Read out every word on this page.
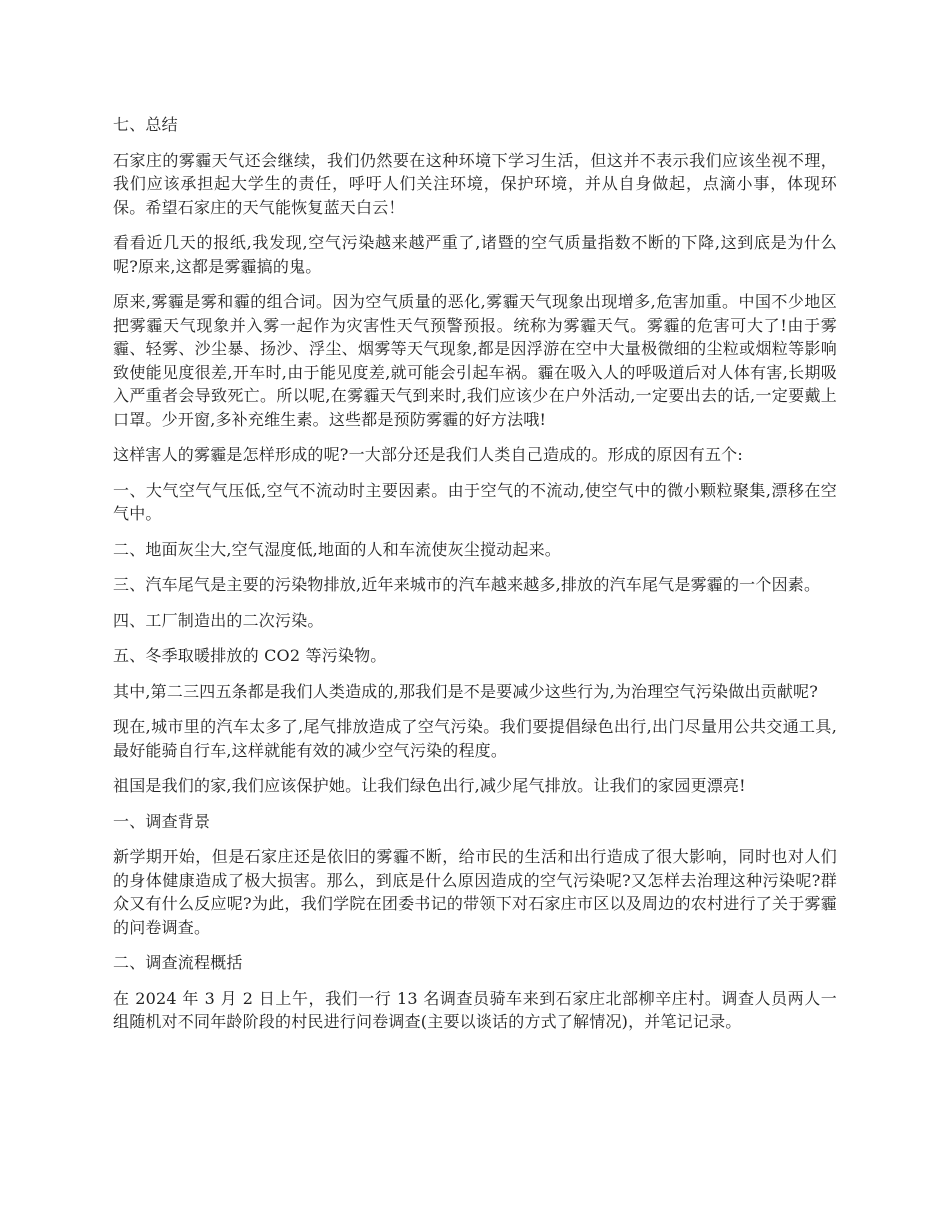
七、总结

石家庄的雾霾天气还会继续，我们仍然要在这种环境下学习生活，但这并不表示我们应该坐视不理，我们应该承担起大学生的责任，呼吁人们关注环境，保护环境，并从自身做起，点滴小事，体现环保。希望石家庄的天气能恢复蓝天白云！

看看近几天的报纸,我发现,空气污染越来越严重了,诸暨的空气质量指数不断的下降,这到底是为什么呢?原来,这都是雾霾搞的鬼。

原来,雾霾是雾和霾的组合词。因为空气质量的恶化,雾霾天气现象出现增多,危害加重。中国不少地区把雾霾天气现象并入雾一起作为灾害性天气预警预报。统称为雾霾天气。雾霾的危害可大了!由于雾霾、轻雾、沙尘暴、扬沙、浮尘、烟雾等天气现象,都是因浮游在空中大量极微细的尘粒或烟粒等影响致使能见度很差,开车时,由于能见度差,就可能会引起车祸。霾在吸入人的呼吸道后对人体有害,长期吸入严重者会导致死亡。所以呢,在雾霾天气到来时,我们应该少在户外活动,一定要出去的话,一定要戴上口罩。少开窗,多补充维生素。这些都是预防雾霾的好方法哦!

这样害人的雾霾是怎样形成的呢?一大部分还是我们人类自己造成的。形成的原因有五个:

一、大气空气气压低,空气不流动时主要因素。由于空气的不流动,使空气中的微小颗粒聚集,漂移在空气中。

二、地面灰尘大,空气湿度低,地面的人和车流使灰尘搅动起来。

三、汽车尾气是主要的污染物排放,近年来城市的汽车越来越多,排放的汽车尾气是雾霾的一个因素。

四、工厂制造出的二次污染。

五、冬季取暖排放的 CO2 等污染物。

其中,第二三四五条都是我们人类造成的,那我们是不是要减少这些行为,为治理空气污染做出贡献呢?

现在,城市里的汽车太多了,尾气排放造成了空气污染。我们要提倡绿色出行,出门尽量用公共交通工具,最好能骑自行车,这样就能有效的减少空气污染的程度。

祖国是我们的家,我们应该保护她。让我们绿色出行,减少尾气排放。让我们的家园更漂亮!

一、调查背景

新学期开始，但是石家庄还是依旧的雾霾不断，给市民的生活和出行造成了很大影响，同时也对人们的身体健康造成了极大损害。那么，到底是什么原因造成的空气污染呢?又怎样去治理这种污染呢?群众又有什么反应呢?为此，我们学院在团委书记的带领下对石家庄市区以及周边的农村进行了关于雾霾的问卷调查。

二、调查流程概括

在 2024 年 3 月 2 日上午，我们一行 13 名调查员骑车来到石家庄北部柳辛庄村。调查人员两人一组随机对不同年龄阶段的村民进行问卷调查(主要以谈话的方式了解情况)，并笔记记录。
